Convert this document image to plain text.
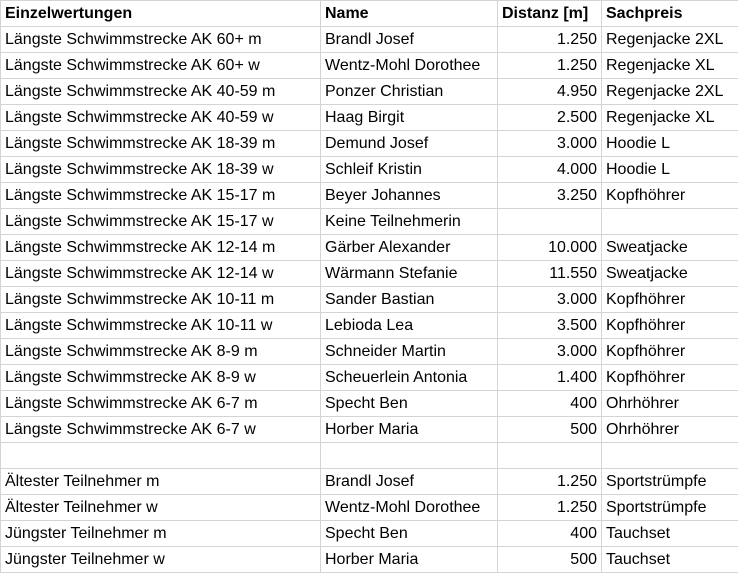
Einzelwertungen	Name	Distanz [m]	Sachpreis
Längste Schwimmstrecke AK 60+ m	Brandl Josef	1.250	Regenjacke 2XL
Längste Schwimmstrecke AK 60+ w	Wentz-Mohl Dorothee	1.250	Regenjacke XL
Längste Schwimmstrecke AK 40-59 m	Ponzer Christian	4.950	Regenjacke 2XL
Längste Schwimmstrecke AK 40-59 w	Haag Birgit	2.500	Regenjacke XL
Längste Schwimmstrecke AK 18-39 m	Demund Josef	3.000	Hoodie L
Längste Schwimmstrecke AK 18-39 w	Schleif Kristin	4.000	Hoodie L
Längste Schwimmstrecke AK 15-17 m	Beyer Johannes	3.250	Kopfhöhrer
Längste Schwimmstrecke AK 15-17 w	Keine Teilnehmerin		
Längste Schwimmstrecke AK 12-14 m	Gärber Alexander	10.000	Sweatjacke
Längste Schwimmstrecke AK 12-14 w	Wärmann Stefanie	11.550	Sweatjacke
Längste Schwimmstrecke AK 10-11 m	Sander Bastian	3.000	Kopfhöhrer
Längste Schwimmstrecke AK 10-11 w	Lebioda Lea	3.500	Kopfhöhrer
Längste Schwimmstrecke AK 8-9 m	Schneider Martin	3.000	Kopfhöhrer
Längste Schwimmstrecke AK 8-9 w	Scheuerlein Antonia	1.400	Kopfhöhrer
Längste Schwimmstrecke AK 6-7 m	Specht Ben	400	Ohrhöhrer
Längste Schwimmstrecke AK 6-7 w	Horber Maria	500	Ohrhöhrer

Ältester Teilnehmer m	Brandl Josef	1.250	Sportstrümpfe
Ältester Teilnehmer w	Wentz-Mohl Dorothee	1.250	Sportstrümpfe
Jüngster Teilnehmer m	Specht Ben	400	Tauchset
Jüngster Teilnehmer w	Horber Maria	500	Tauchset
